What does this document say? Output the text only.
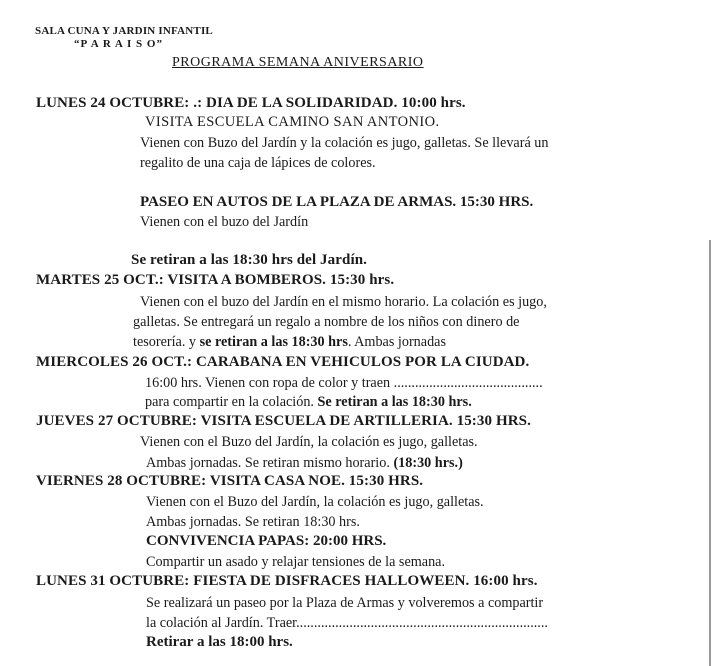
SALA CUNA Y JARDIN INFANTIL
“P A R A I S O”
PROGRAMA SEMANA ANIVERSARIO
LUNES 24 OCTUBRE: .: DIA DE LA SOLIDARIDAD. 10:00 hrs.
VISITA ESCUELA CAMINO SAN ANTONIO.
Vienen con Buzo del Jardín y la colación es jugo, galletas. Se llevará un
regalito de una caja de lápices de colores.
PASEO EN AUTOS DE LA PLAZA DE ARMAS. 15:30 HRS.
Vienen con el buzo del Jardín
Se retiran a las 18:30 hrs del Jardín.
MARTES 25 OCT.: VISITA A BOMBEROS. 15:30 hrs.
Vienen con el buzo del Jardín en el mismo horario. La colación es jugo,
galletas. Se entregará un regalo a nombre de los niños con dinero de
tesorería. y se retiran a las 18:30 hrs. Ambas jornadas
MIERCOLES 26 OCT.: CARABANA EN VEHICULOS POR LA CIUDAD.
16:00 hrs. Vienen con ropa de color y traen ..........................................
para compartir en la colación. Se retiran a las 18:30 hrs.
JUEVES 27 OCTUBRE: VISITA ESCUELA DE ARTILLERIA. 15:30 HRS.
Vienen con el Buzo del Jardín, la colación es jugo, galletas.
Ambas jornadas. Se retiran mismo horario. (18:30 hrs.)
VIERNES 28 OCTUBRE: VISITA CASA NOE. 15:30 HRS.
Vienen con el Buzo del Jardín, la colación es jugo, galletas.
Ambas jornadas. Se retiran 18:30 hrs.
CONVIVENCIA PAPAS: 20:00 HRS.
Compartir un asado y relajar tensiones de la semana.
LUNES 31 OCTUBRE: FIESTA DE DISFRACES HALLOWEEN. 16:00 hrs.
Se realizará un paseo por la Plaza de Armas y volveremos a compartir
la colación al Jardín. Traer.......................................................................
Retirar a las 18:00 hrs.
